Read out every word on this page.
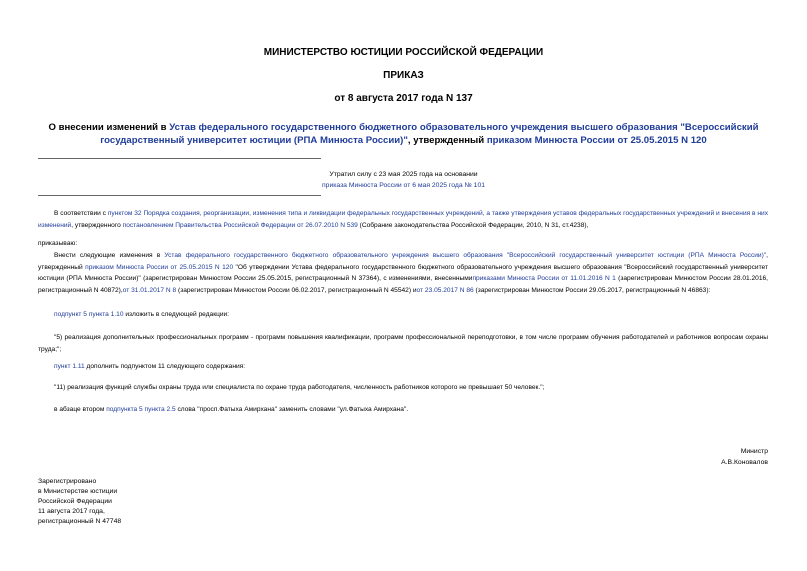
МИНИСТЕРСТВО ЮСТИЦИИ РОССИЙСКОЙ ФЕДЕРАЦИИ
ПРИКАЗ
от 8 августа 2017 года N 137
О внесении изменений в Устав федерального государственного бюджетного образовательного учреждения высшего образования "Всероссийский государственный университет юстиции (РПА Минюста России)", утвержденный приказом Минюста России от 25.05.2015 N 120
Утратил силу с 23 мая 2025 года на основании
приказа Минюста России от 6 мая 2025 года № 101
В соответствии с пунктом 32 Порядка создания, реорганизации, изменения типа и ликвидации федеральных государственных учреждений, а также утверждения уставов федеральных государственных учреждений и внесения в них изменений, утвержденного постановлением Правительства Российской Федерации от 26.07.2010 N 539 (Собрание законодательства Российской Федерации, 2010, N 31, ст.4238),
приказываю:
Внести следующие изменения в Устав федерального государственного бюджетного образовательного учреждения высшего образования "Всероссийский государственный университет юстиции (РПА Минюста России)", утвержденный приказом Минюста России от 25.05.2015 N 120 "Об утверждении Устава федерального государственного бюджетного образовательного учреждения высшего образования "Всероссийский государственный университет юстиции (РПА Минюста России)" (зарегистрирован Минюстом России 25.05.2015, регистрационный N 37364), с изменениями, внесеннымиприказами Минюста России от 11.01.2016 N 1 (зарегистрирован Минюстом России 28.01.2016, регистрационный N 40872),от 31.01.2017 N 8 (зарегистрирован Минюстом России 06.02.2017, регистрационный N 45542) иот 23.05.2017 N 86 (зарегистрирован Минюстом России 29.05.2017, регистрационный N 46863):
подпункт 5 пункта 1.10 изложить в следующей редакции:
"5) реализация дополнительных профессиональных программ - программ повышения квалификации, программ профессиональной переподготовки, в том числе программ обучения работодателей и работников вопросам охраны труда;";
пункт 1.11 дополнить подпунктом 11 следующего содержания:
"11) реализация функций службы охраны труда или специалиста по охране труда работодателя, численность работников которого не превышает 50 человек.";
в абзаце втором подпункта 5 пункта 2.5 слова "просп.Фатыха Амирхана" заменить словами "ул.Фатыха Амирхана".
Министр
А.В.Коновалов
Зарегистрировано
в Министерстве юстиции
Российской Федерации
11 августа 2017 года,
регистрационный N 47748
